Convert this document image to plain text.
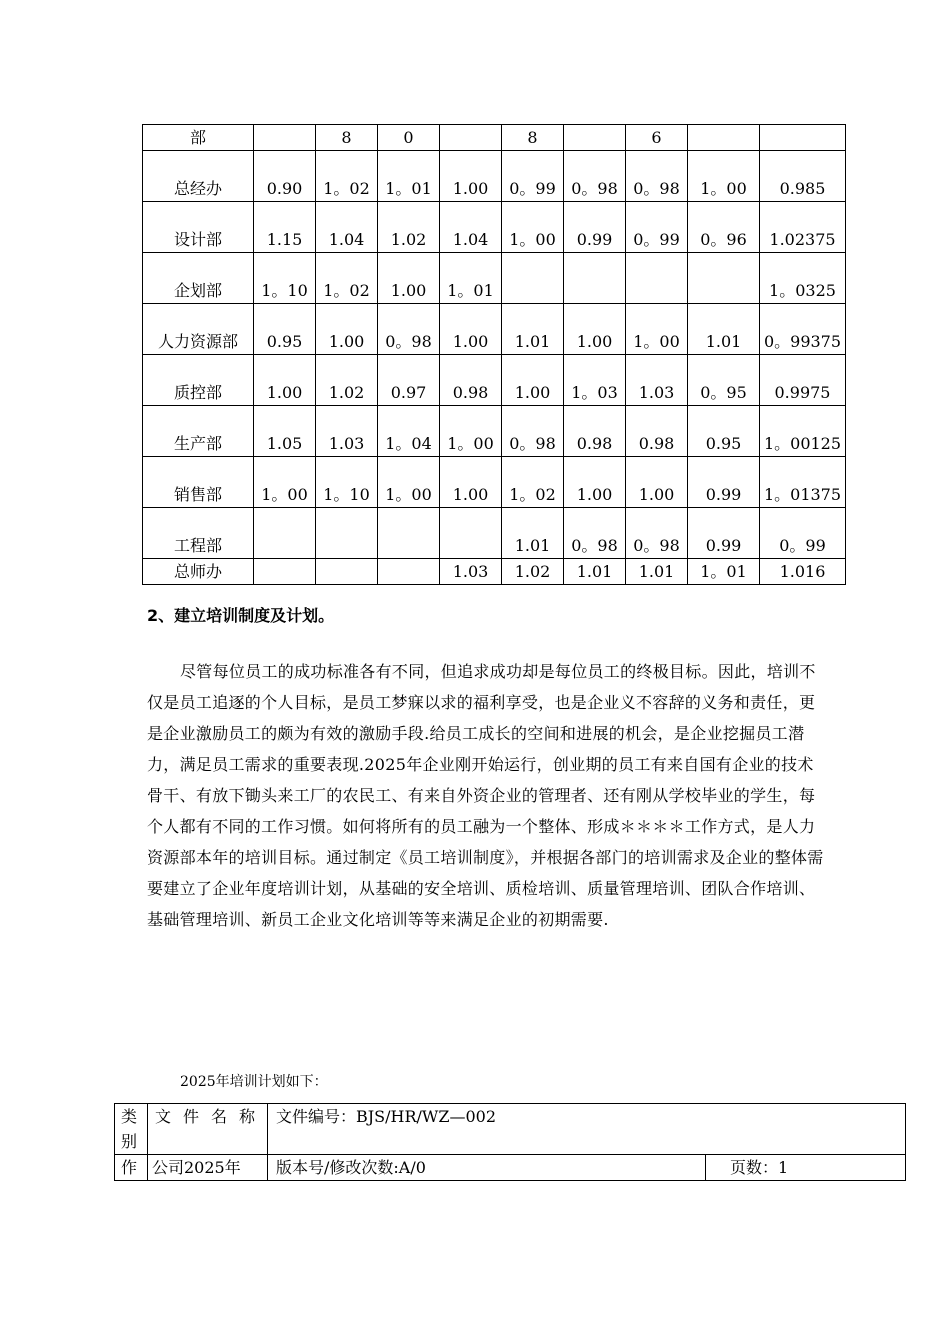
部		8	0		8		6		
总经办	0.90	1。02	1。01	1.00	0。99	0。98	0。98	1。00	0.985
设计部	1.15	1.04	1.02	1.04	1。00	0.99	0。99	0。96	1.02375
企划部	1。10	1。02	1.00	1。01					1。0325
人力资源部	0.95	1.00	0。98	1.00	1.01	1.00	1。00	1.01	0。99375
质控部	1.00	1.02	0.97	0.98	1.00	1。03	1.03	0。95	0.9975
生产部	1.05	1.03	1。04	1。00	0。98	0.98	0.98	0.95	1。00125
销售部	1。00	1。10	1。00	1.00	1。02	1.00	1.00	0.99	1。01375
工程部					1.01	0。98	0。98	0.99	0。99
总师办				1.03	1.02	1.01	1.01	1。01	1.016
2、建立培训制度及计划。
尽管每位员工的成功标准各有不同，但追求成功却是每位员工的终极目标。因此，培训不仅是员工追逐的个人目标，是员工梦寐以求的福利享受，也是企业义不容辞的义务和责任，更是企业激励员工的颇为有效的激励手段.给员工成长的空间和进展的机会，是企业挖掘员工潜力，满足员工需求的重要表现.2025年企业刚开始运行，创业期的员工有来自国有企业的技术骨干、有放下锄头来工厂的农民工、有来自外资企业的管理者、还有刚从学校毕业的学生，每个人都有不同的工作习惯。如何将所有的员工融为一个整体、形成＊＊＊＊工作方式，是人力资源部本年的培训目标。通过制定《员工培训制度》，并根据各部门的培训需求及企业的整体需要建立了企业年度培训计划，从基础的安全培训、质检培训、质量管理培训、团队合作培训、基础管理培训、新员工企业文化培训等等来满足企业的初期需要.
2025年培训计划如下：
类别	文件名称	文件编号：BJS/HR/WZ—002	
作	公司2025年	版本号/修改次数:A/0	页数：1
